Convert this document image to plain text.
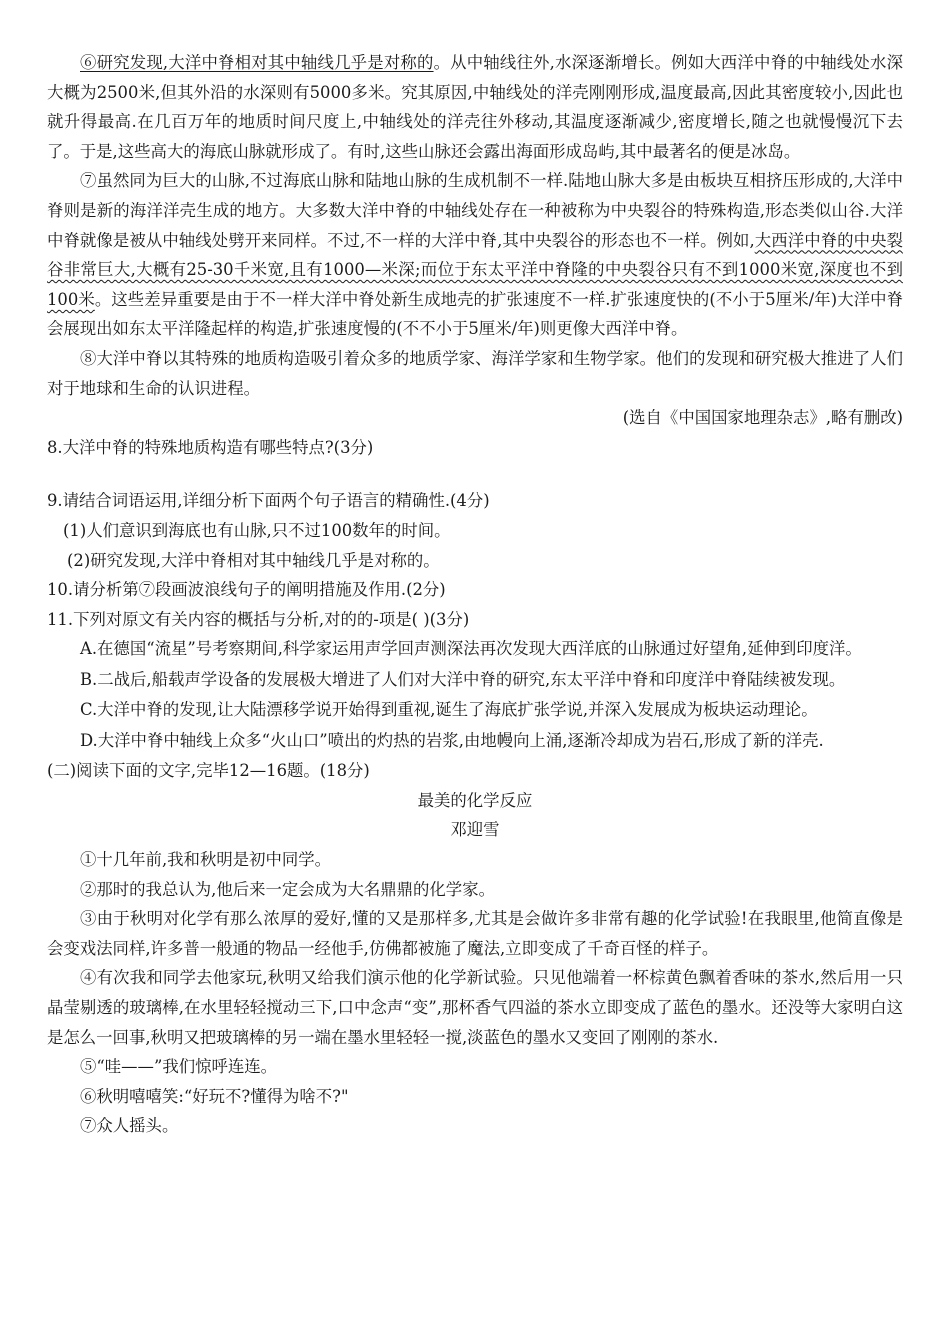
⑥研究发现,大洋中脊相对其中轴线几乎是对称的。从中轴线往外,水深逐渐增长。例如大西洋中脊的中轴线处水深大概为2500米,但其外沿的水深则有5000多米。究其原因,中轴线处的洋壳刚刚形成,温度最高,因此其密度较小,因此也就升得最高.在几百万年的地质时间尺度上,中轴线处的洋壳往外移动,其温度逐渐减少,密度增长,随之也就慢慢沉下去了。于是,这些高大的海底山脉就形成了。有时,这些山脉还会露出海面形成岛屿,其中最著名的便是冰岛。

⑦虽然同为巨大的山脉,不过海底山脉和陆地山脉的生成机制不一样.陆地山脉大多是由板块互相挤压形成的,大洋中脊则是新的海洋洋壳生成的地方。大多数大洋中脊的中轴线处存在一种被称为中央裂谷的特殊构造,形态类似山谷.大洋中脊就像是被从中轴线处劈开来同样。不过,不一样的大洋中脊,其中央裂谷的形态也不一样。例如,大西洋中脊的中央裂谷非常巨大,大概有25-30千米宽,且有1000—米深;而位于东太平洋中脊隆的中央裂谷只有不到1000米宽,深度也不到100米。这些差异重要是由于不一样大洋中脊处新生成地壳的扩张速度不一样.扩张速度快的(不小于5厘米/年)大洋中脊会展现出如东太平洋隆起样的构造,扩张速度慢的(不不小于5厘米/年)则更像大西洋中脊。

⑧大洋中脊以其特殊的地质构造吸引着众多的地质学家、海洋学家和生物学家。他们的发现和研究极大推进了人们对于地球和生命的认识进程。

(选自《中国国家地理杂志》,略有删改)

8.大洋中脊的特殊地质构造有哪些特点?(3分)

9.请结合词语运用,详细分析下面两个句子语言的精确性.(4分)

(1)人们意识到海底也有山脉,只不过100数年的时间。

(2)研究发现,大洋中脊相对其中轴线几乎是对称的。

10.请分析第⑦段画波浪线句子的阐明措施及作用.(2分)

11.下列对原文有关内容的概括与分析,对的的-项是( )(3分)

A.在德国“流星”号考察期间,科学家运用声学回声测深法再次发现大西洋底的山脉通过好望角,延伸到印度洋。

B.二战后,船载声学设备的发展极大增进了人们对大洋中脊的研究,东太平洋中脊和印度洋中脊陆续被发现。

C.大洋中脊的发现,让大陆漂移学说开始得到重视,诞生了海底扩张学说,并深入发展成为板块运动理论。

D.大洋中脊中轴线上众多“火山口”喷出的灼热的岩浆,由地幔向上涌,逐渐冷却成为岩石,形成了新的洋壳.

(二)阅读下面的文字,完毕12—16题。(18分)

最美的化学反应

邓迎雪

①十几年前,我和秋明是初中同学。

②那时的我总认为,他后来一定会成为大名鼎鼎的化学家。

③由于秋明对化学有那么浓厚的爱好,懂的又是那样多,尤其是会做许多非常有趣的化学试验!在我眼里,他简直像是会变戏法同样,许多普一般通的物品一经他手,仿佛都被施了魔法,立即变成了千奇百怪的样子。

④有次我和同学去他家玩,秋明又给我们演示他的化学新试验。只见他端着一杯棕黄色飘着香味的茶水,然后用一只晶莹剔透的玻璃棒,在水里轻轻搅动三下,口中念声“变”,那杯香气四溢的茶水立即变成了蓝色的墨水。还没等大家明白这是怎么一回事,秋明又把玻璃棒的另一端在墨水里轻轻一搅,淡蓝色的墨水又变回了刚刚的茶水.

⑤“哇——”我们惊呼连连。

⑥秋明嘻嘻笑:“好玩不?懂得为啥不?"

⑦众人摇头。
